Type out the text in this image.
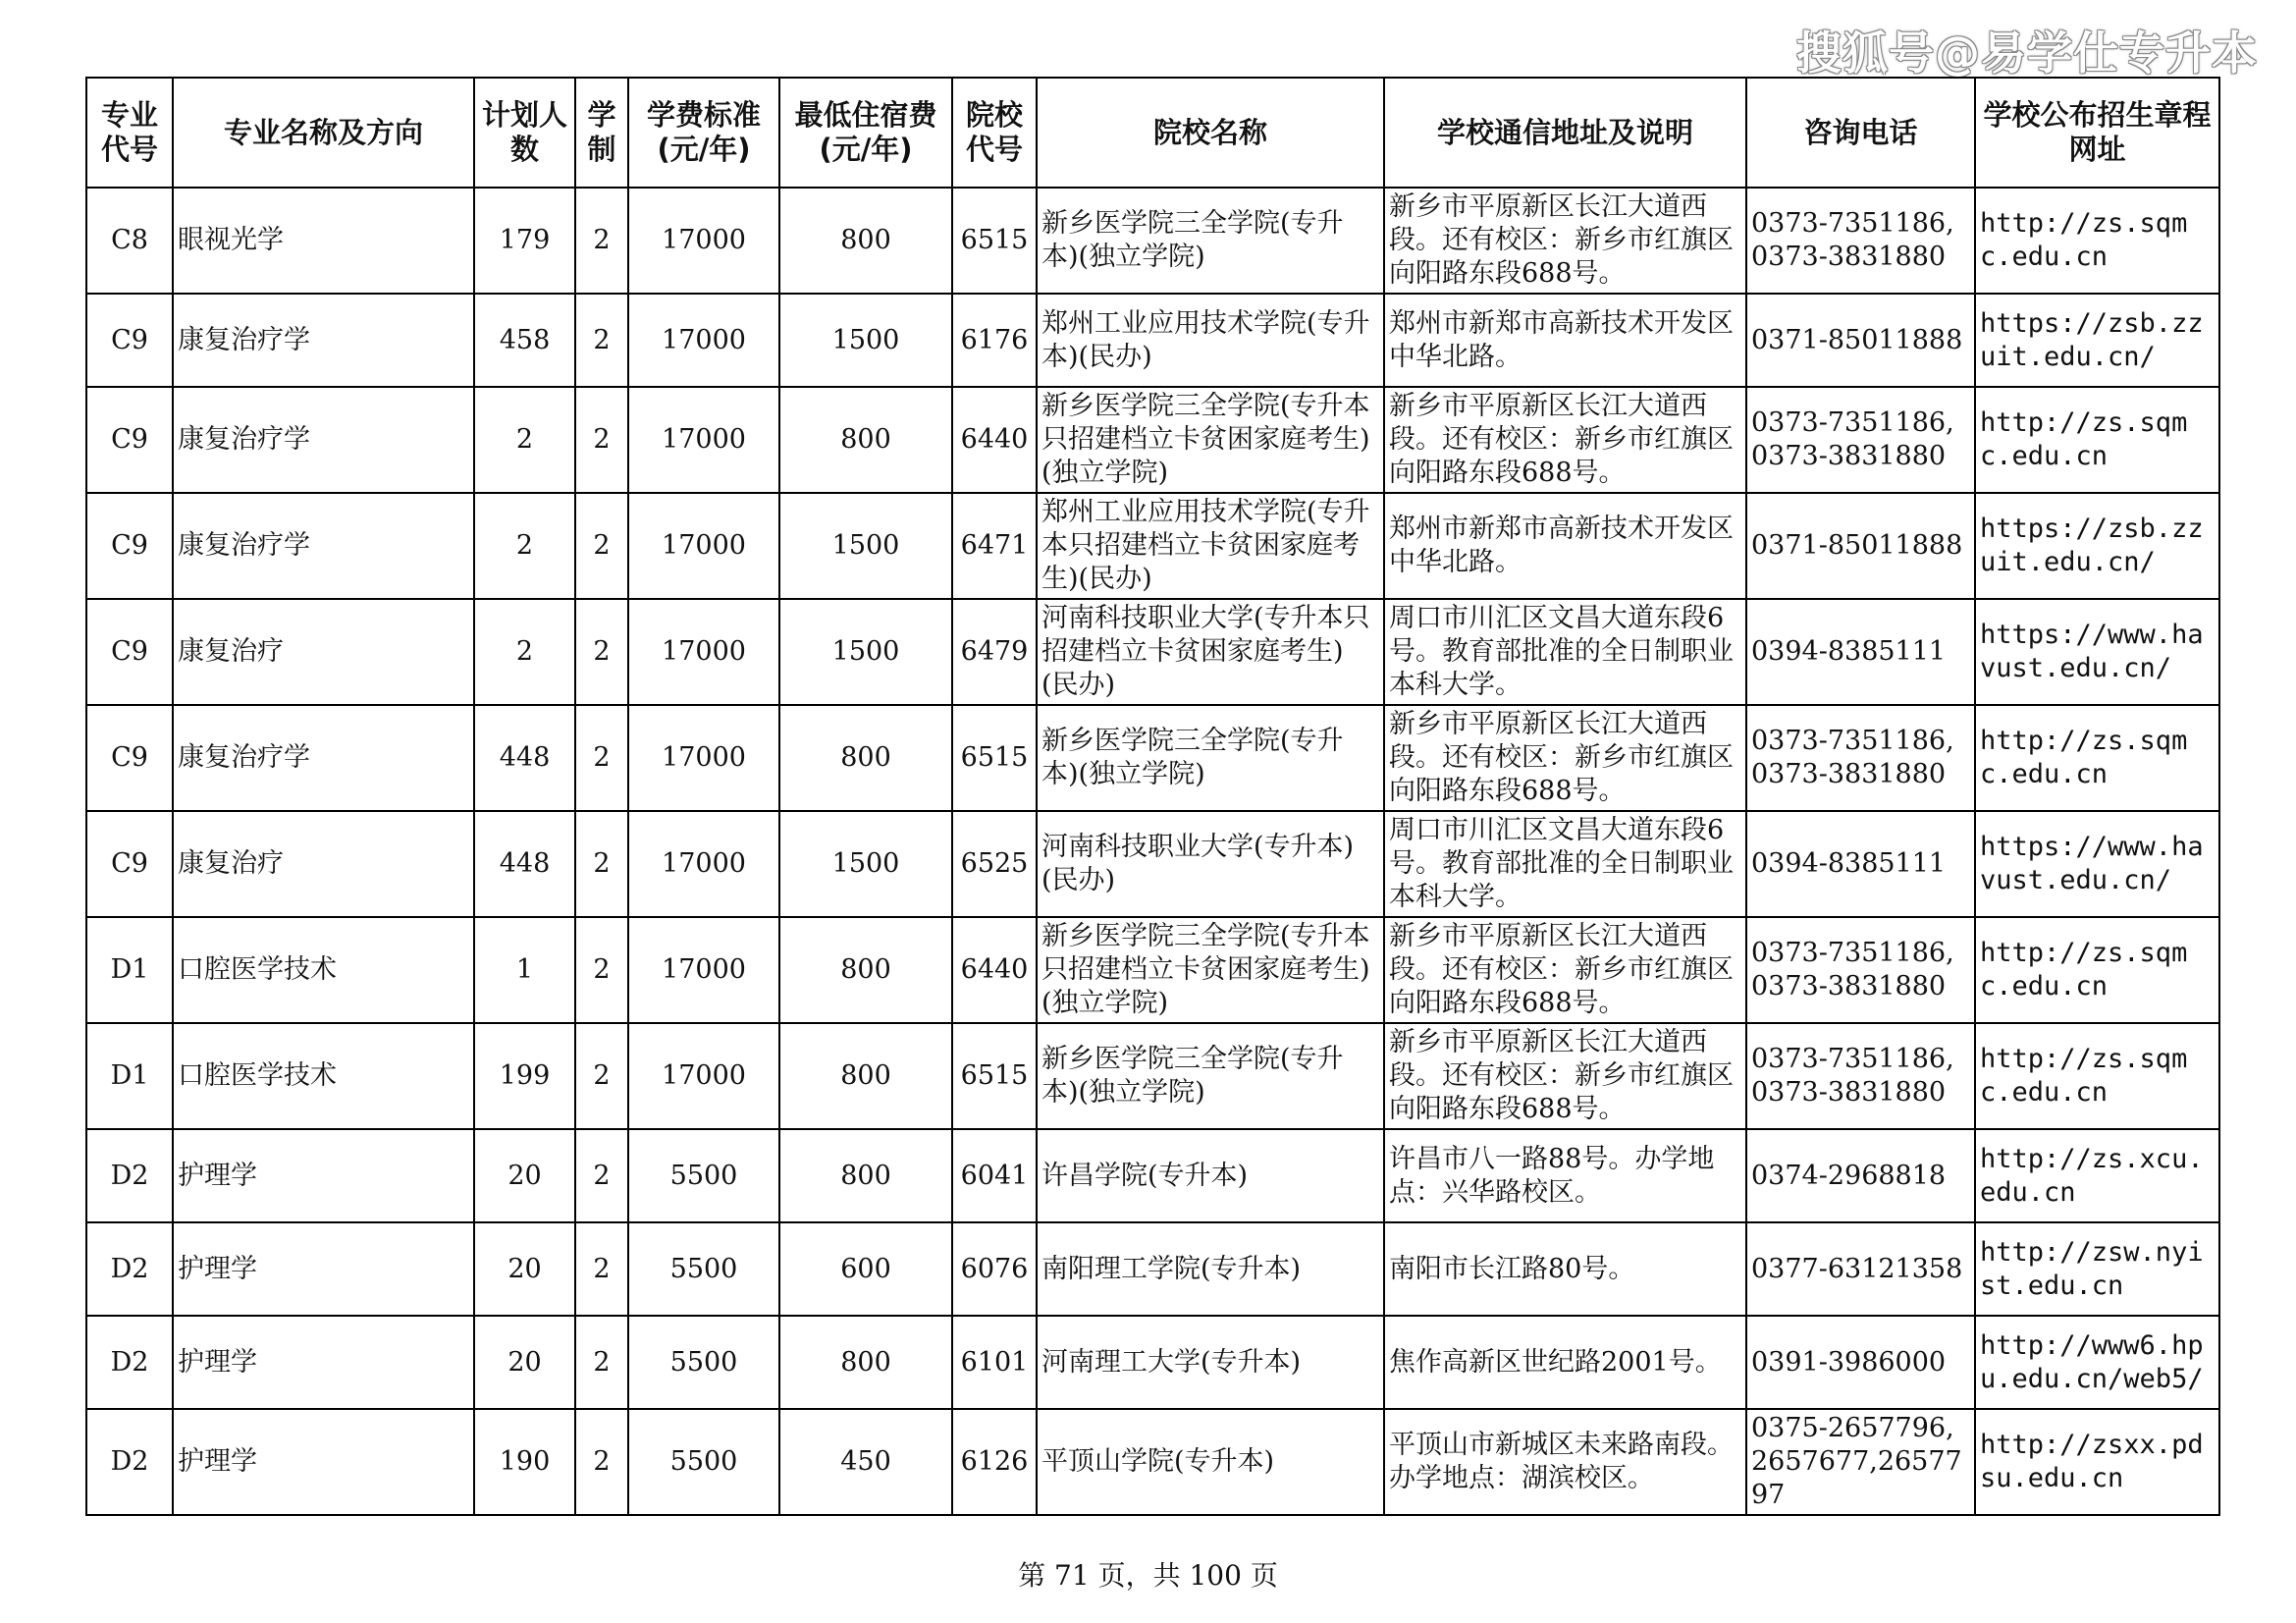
搜狐号@易学仕专升本
专业代号	专业名称及方向	计划人数	学制	学费标准(元/年)	最低住宿费(元/年)	院校代号	院校名称	学校通信地址及说明	咨询电话	学校公布招生章程网址
C8	眼视光学	179	2	17000	800	6515	新乡医学院三全学院(专升本)(独立学院)	新乡市平原新区长江大道西段。还有校区：新乡市红旗区向阳路东段688号。	0373-7351186,0373-3831880	http://zs.sqmc.edu.cn
C9	康复治疗学	458	2	17000	1500	6176	郑州工业应用技术学院(专升本)(民办)	郑州市新郑市高新技术开发区中华北路。	0371-85011888	https://zsb.zzuit.edu.cn/
C9	康复治疗学	2	2	17000	800	6440	新乡医学院三全学院(专升本只招建档立卡贫困家庭考生)(独立学院)	新乡市平原新区长江大道西段。还有校区：新乡市红旗区向阳路东段688号。	0373-7351186,0373-3831880	http://zs.sqmc.edu.cn
C9	康复治疗学	2	2	17000	1500	6471	郑州工业应用技术学院(专升本只招建档立卡贫困家庭考生)(民办)	郑州市新郑市高新技术开发区中华北路。	0371-85011888	https://zsb.zzuit.edu.cn/
C9	康复治疗	2	2	17000	1500	6479	河南科技职业大学(专升本只招建档立卡贫困家庭考生)(民办)	周口市川汇区文昌大道东段6号。教育部批准的全日制职业本科大学。	0394-8385111	https://www.havust.edu.cn/
C9	康复治疗学	448	2	17000	800	6515	新乡医学院三全学院(专升本)(独立学院)	新乡市平原新区长江大道西段。还有校区：新乡市红旗区向阳路东段688号。	0373-7351186,0373-3831880	http://zs.sqmc.edu.cn
C9	康复治疗	448	2	17000	1500	6525	河南科技职业大学(专升本)(民办)	周口市川汇区文昌大道东段6号。教育部批准的全日制职业本科大学。	0394-8385111	https://www.havust.edu.cn/
D1	口腔医学技术	1	2	17000	800	6440	新乡医学院三全学院(专升本只招建档立卡贫困家庭考生)(独立学院)	新乡市平原新区长江大道西段。还有校区：新乡市红旗区向阳路东段688号。	0373-7351186,0373-3831880	http://zs.sqmc.edu.cn
D1	口腔医学技术	199	2	17000	800	6515	新乡医学院三全学院(专升本)(独立学院)	新乡市平原新区长江大道西段。还有校区：新乡市红旗区向阳路东段688号。	0373-7351186,0373-3831880	http://zs.sqmc.edu.cn
D2	护理学	20	2	5500	800	6041	许昌学院(专升本)	许昌市八一路88号。办学地点：兴华路校区。	0374-2968818	http://zs.xcu.edu.cn
D2	护理学	20	2	5500	600	6076	南阳理工学院(专升本)	南阳市长江路80号。	0377-63121358	http://zsw.nyist.edu.cn
D2	护理学	20	2	5500	800	6101	河南理工大学(专升本)	焦作高新区世纪路2001号。	0391-3986000	http://www6.hpu.edu.cn/web5/
D2	护理学	190	2	5500	450	6126	平顶山学院(专升本)	平顶山市新城区未来路南段。办学地点：湖滨校区。	0375-2657796,2657677,2657797	http://zsxx.pdsu.edu.cn
第 71 页，共 100 页
